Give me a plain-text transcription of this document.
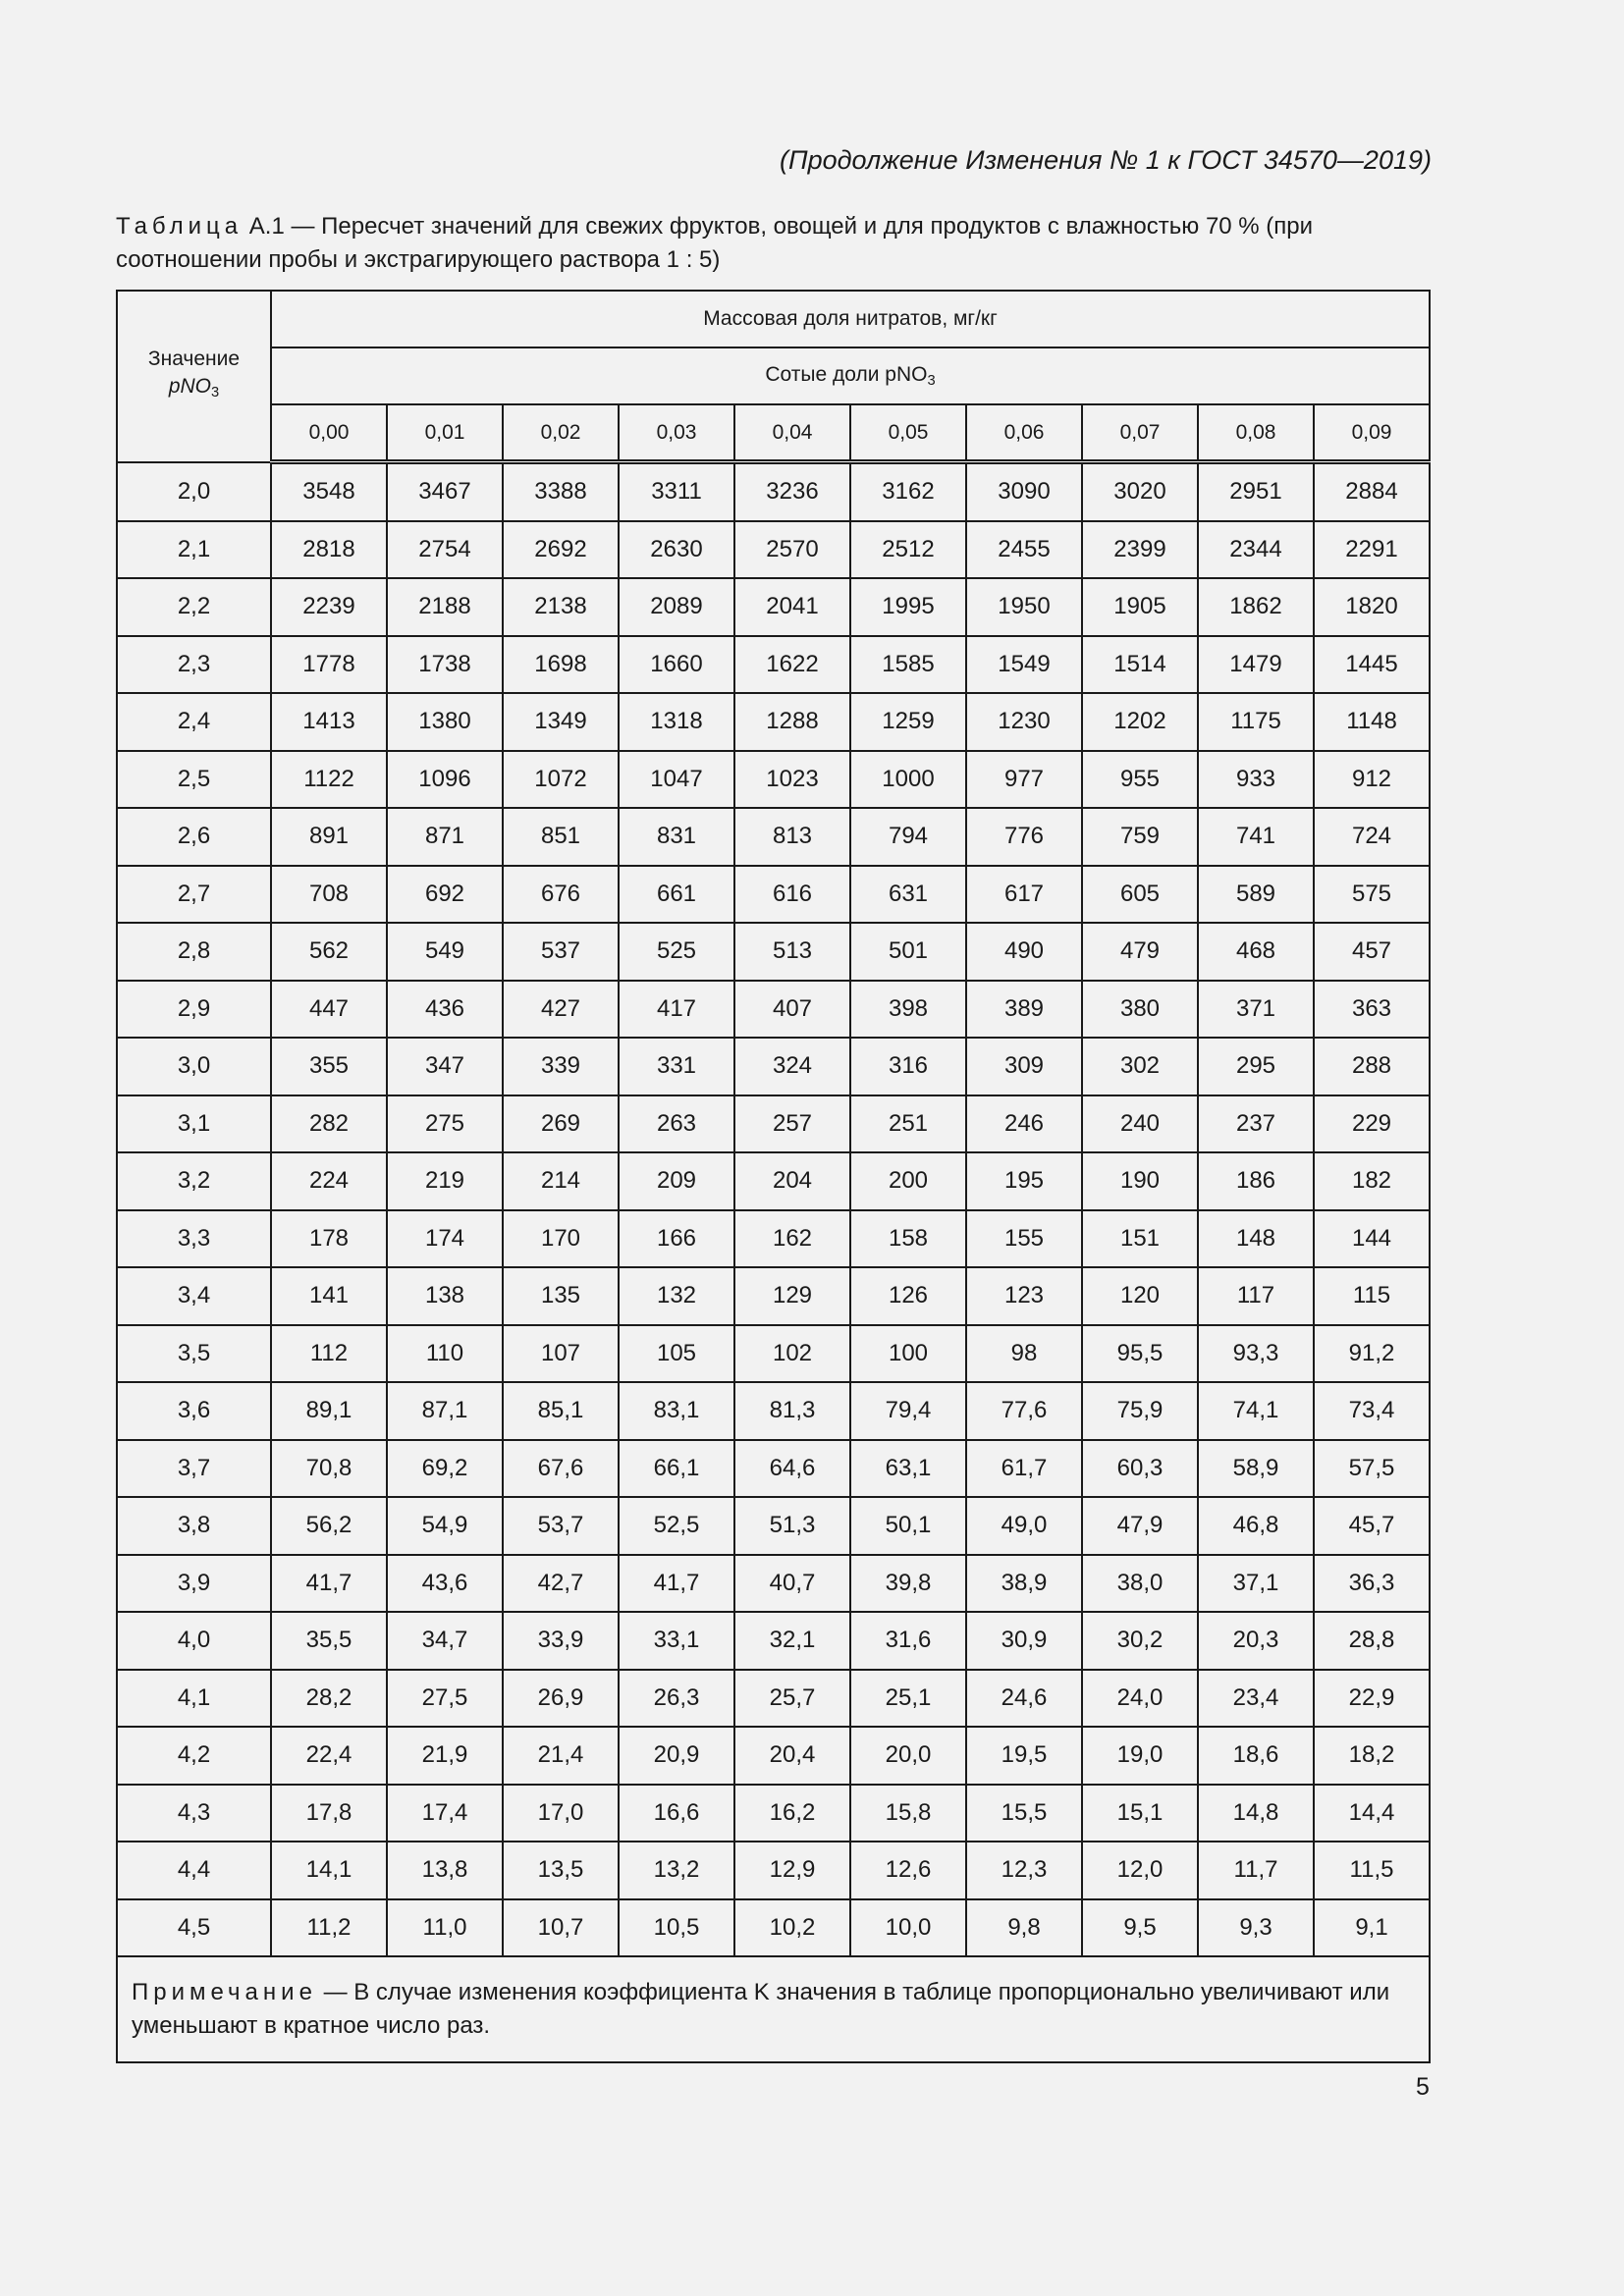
(Продолжение Изменения № 1 к ГОСТ 34570—2019)
Таблица А.1 — Пересчет значений для свежих фруктов, овощей и для продуктов с влажностью 70 % (при соотношении пробы и экстрагирующего раствора 1 : 5)
Значение
pNO$_3$	Массовая доля нитратов, мг/кг									
	Сотые доли pNO$_3$
	0,00	0,01	0,02	0,03	0,04	0,05	0,06	0,07	0,08	0,09
2,0	3548	3467	3388	3311	3236	3162	3090	3020	2951	2884
2,1	2818	2754	2692	2630	2570	2512	2455	2399	2344	2291
2,2	2239	2188	2138	2089	2041	1995	1950	1905	1862	1820
2,3	1778	1738	1698	1660	1622	1585	1549	1514	1479	1445
2,4	1413	1380	1349	1318	1288	1259	1230	1202	1175	1148
2,5	1122	1096	1072	1047	1023	1000	977	955	933	912
2,6	891	871	851	831	813	794	776	759	741	724
2,7	708	692	676	661	616	631	617	605	589	575
2,8	562	549	537	525	513	501	490	479	468	457
2,9	447	436	427	417	407	398	389	380	371	363
3,0	355	347	339	331	324	316	309	302	295	288
3,1	282	275	269	263	257	251	246	240	237	229
3,2	224	219	214	209	204	200	195	190	186	182
3,3	178	174	170	166	162	158	155	151	148	144
3,4	141	138	135	132	129	126	123	120	117	115
3,5	112	110	107	105	102	100	98	95,5	93,3	91,2
3,6	89,1	87,1	85,1	83,1	81,3	79,4	77,6	75,9	74,1	73,4
3,7	70,8	69,2	67,6	66,1	64,6	63,1	61,7	60,3	58,9	57,5
3,8	56,2	54,9	53,7	52,5	51,3	50,1	49,0	47,9	46,8	45,7
3,9	41,7	43,6	42,7	41,7	40,7	39,8	38,9	38,0	37,1	36,3
4,0	35,5	34,7	33,9	33,1	32,1	31,6	30,9	30,2	20,3	28,8
4,1	28,2	27,5	26,9	26,3	25,7	25,1	24,6	24,0	23,4	22,9
4,2	22,4	21,9	21,4	20,9	20,4	20,0	19,5	19,0	18,6	18,2
4,3	17,8	17,4	17,0	16,6	16,2	15,8	15,5	15,1	14,8	14,4
4,4	14,1	13,8	13,5	13,2	12,9	12,6	12,3	12,0	11,7	11,5
4,5	11,2	11,0	10,7	10,5	10,2	10,0	9,8	9,5	9,3	9,1
Примечание — В случае изменения коэффициента K значения в таблице пропорционально увеличивают или уменьшают в кратное число раз.										
5
